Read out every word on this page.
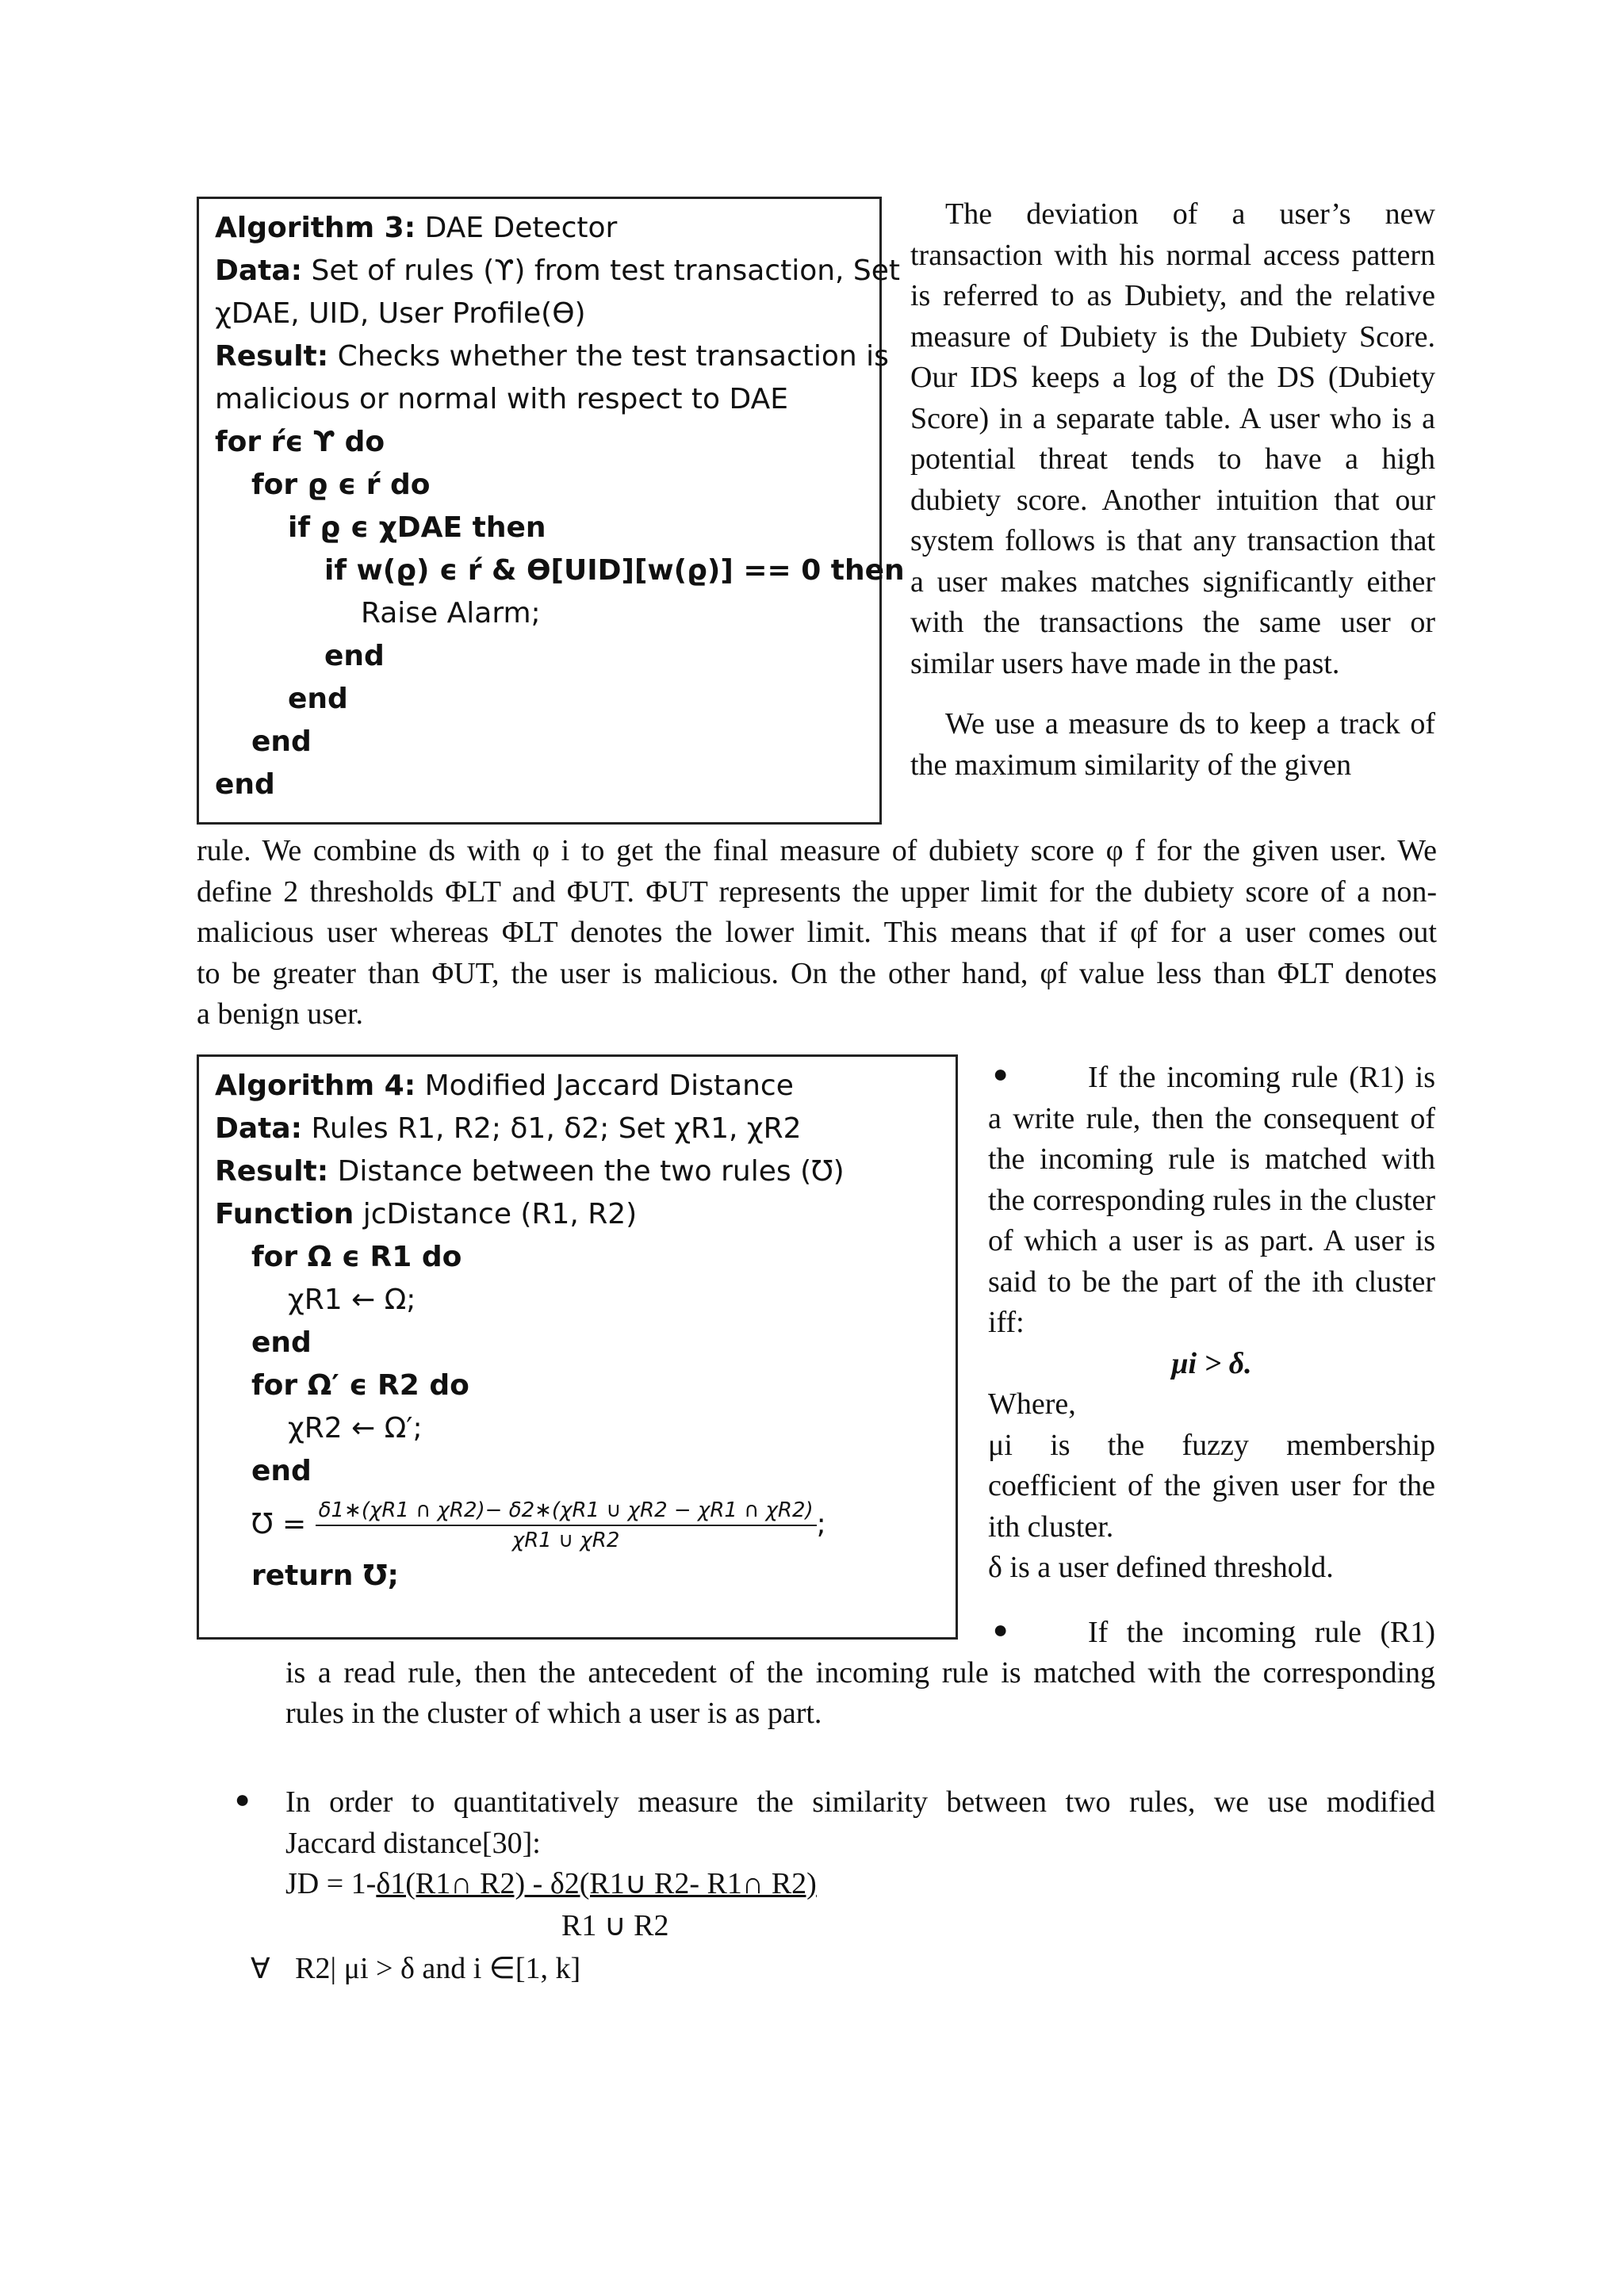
Algorithm 3: DAE Detector
Data: Set of rules (ϒ) from test transaction, Set
χDAE, UID, User Profile(ϴ)
Result: Checks whether the test transaction is
malicious or normal with respect to DAE
for ŕϵ ϒ do
for ϱ ϵ ŕ do
if ϱ ϵ χDAE then
if w(ϱ) ϵ ŕ & ϴ[UID][w(ϱ)] == 0 then
Raise Alarm;
end
end
end
end

The deviation of a user’s new transaction with his normal access pattern is referred to as Dubiety, and the relative measure of Dubiety is the Dubiety Score. Our IDS keeps a log of the DS (Dubiety Score) in a separate table. A user who is a potential threat tends to have a high dubiety score. Another intuition that our system follows is that any transaction that a user makes matches significantly either with the transactions the same user or similar users have made in the past.

We use a measure ds to keep a track of the maximum similarity of the given

rule. We combine ds with φ i to get the final measure of dubiety score φ f for the given user. We
define 2 thresholds ΦLT and ΦUT. ΦUT represents the upper limit for the dubiety score of a non-
malicious user whereas ΦLT denotes the lower limit. This means that if φf for a user comes out
to be greater than ΦUT, the user is malicious. On the other hand, φf value less than ΦLT denotes
a benign user.
Algorithm 4: Modified Jaccard Distance
Data: Rules R1, R2; δ1, δ2; Set χR1, χR2
Result: Distance between the two rules (Ʊ)
Function jcDistance (R1, R2)
for Ω ϵ R1 do
χR1 ← Ω;
end
for Ω′ ϵ R2 do
χR2 ← Ω′;
end
Ʊ = $\frac{\delta 1∗(\chi R1 \cap \chi R2)- \delta 2∗(\chi R1 \cup \chi R2 - \chi R1 \cap \chi R2)}{\chi R1 \cup \chi R2}$ ;
return Ʊ;
●	If the incoming rule (R1) is a write rule, then the consequent of the incoming rule is matched with the corresponding rules in the cluster of which a user is as part. A user is said to be the part of the ith cluster iff:

μi > δ.

Where,

μi is the fuzzy membership coefficient of the given user for the ith cluster.

δ is a user defined threshold.

●	If the incoming rule (R1)
is a read rule, then the antecedent of the incoming rule is matched with the corresponding
rules in the cluster of which a user is as part.
● In order to quantitatively measure the similarity between two rules, we use modified
Jaccard distance[30]:
JD = 1-δ1(R1∩ R2) - δ2(R1∪ R2- R1∩ R2)
R1 ∪ R2
∀ R2| μi > δ and i ∈[1, k]
